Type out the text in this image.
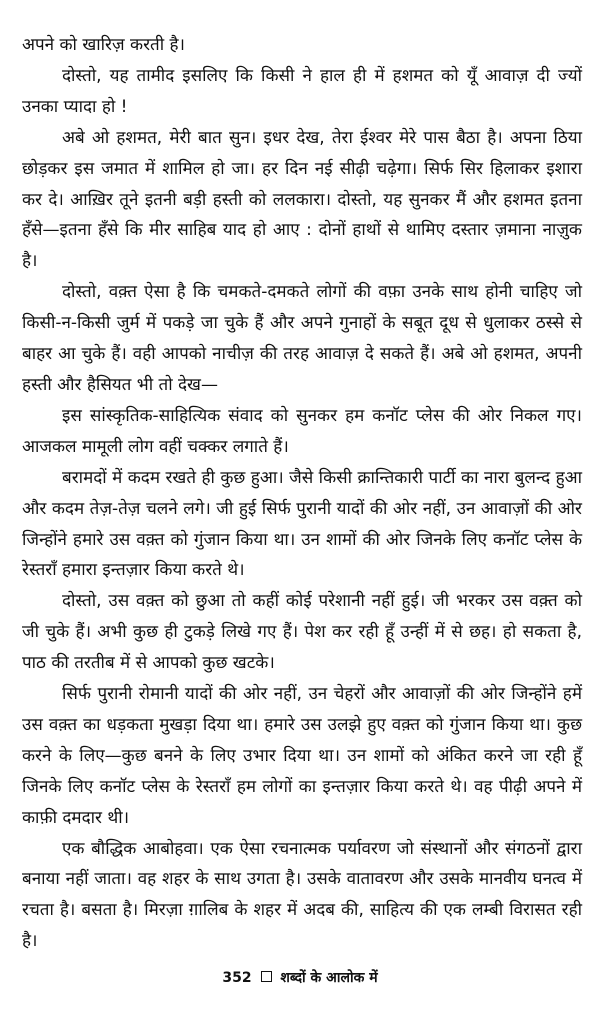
अपने को खारिज़ करती है।

दोस्तो, यह तामीद इसलिए कि किसी ने हाल ही में हशमत को यूँ आवाज़ दी ज्यों उनका प्यादा हो !

अबे ओ हशमत, मेरी बात सुन। इधर देख, तेरा ईश्वर मेरे पास बैठा है। अपना ठिया छोड़कर इस जमात में शामिल हो जा। हर दिन नई सीढ़ी चढ़ेगा। सिर्फ सिर हिलाकर इशारा कर दे। आख़िर तूने इतनी बड़ी हस्ती को ललकारा। दोस्तो, यह सुनकर मैं और हशमत इतना हँसे—इतना हँसे कि मीर साहिब याद हो आए : दोनों हाथों से थामिए दस्तार ज़माना नाज़ुक है।

दोस्तो, वक़्त ऐसा है कि चमकते-दमकते लोगों की वफ़ा उनके साथ होनी चाहिए जो किसी-न-किसी जुर्म में पकड़े जा चुके हैं और अपने गुनाहों के सबूत दूध से धुलाकर ठस्से से बाहर आ चुके हैं। वही आपको नाचीज़ की तरह आवाज़ दे सकते हैं। अबे ओ हशमत, अपनी हस्ती और हैसियत भी तो देख—

इस सांस्कृतिक-साहित्यिक संवाद को सुनकर हम कनॉट प्लेस की ओर निकल गए। आजकल मामूली लोग वहीं चक्कर लगाते हैं।

बरामदों में कदम रखते ही कुछ हुआ। जैसे किसी क्रान्तिकारी पार्टी का नारा बुलन्द हुआ और कदम तेज़-तेज़ चलने लगे। जी हुई सिर्फ पुरानी यादों की ओर नहीं, उन आवाज़ों की ओर जिन्होंने हमारे उस वक़्त को गुंजान किया था। उन शामों की ओर जिनके लिए कनॉट प्लेस के रेस्तराँ हमारा इन्तज़ार किया करते थे।

दोस्तो, उस वक़्त को छुआ तो कहीं कोई परेशानी नहीं हुई। जी भरकर उस वक़्त को जी चुके हैं। अभी कुछ ही टुकड़े लिखे गए हैं। पेश कर रही हूँ उन्हीं में से छह। हो सकता है, पाठ की तरतीब में से आपको कुछ खटके।

सिर्फ पुरानी रोमानी यादों की ओर नहीं, उन चेहरों और आवाज़ों की ओर जिन्होंने हमें उस वक़्त का धड़कता मुखड़ा दिया था। हमारे उस उलझे हुए वक़्त को गुंजान किया था। कुछ करने के लिए—कुछ बनने के लिए उभार दिया था। उन शामों को अंकित करने जा रही हूँ जिनके लिए कनॉट प्लेस के रेस्तराँ हम लोगों का इन्तज़ार किया करते थे। वह पीढ़ी अपने में काफ़ी दमदार थी।

एक बौद्धिक आबोहवा। एक ऐसा रचनात्मक पर्यावरण जो संस्थानों और संगठनों द्वारा बनाया नहीं जाता। वह शहर के साथ उगता है। उसके वातावरण और उसके मानवीय घनत्व में रचता है। बसता है। मिरज़ा ग़ालिब के शहर में अदब की, साहित्य की एक लम्बी विरासत रही है।

352 शब्दों के आलोक में
